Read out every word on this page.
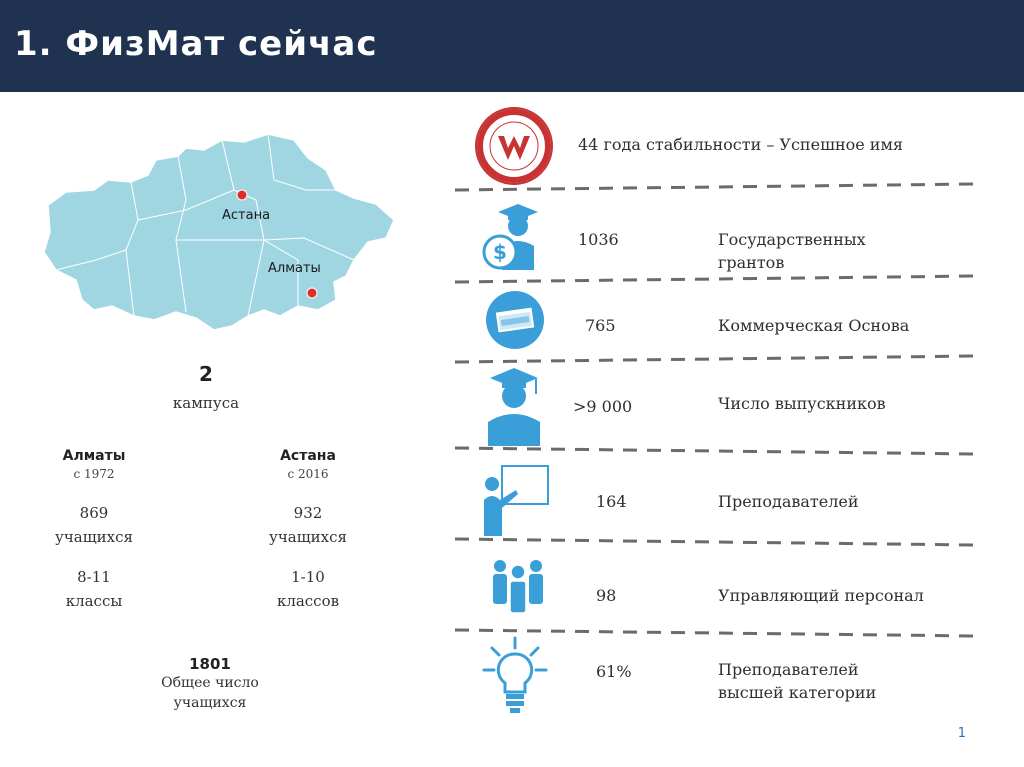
1. ФизМат сейчас
Астана
Алматы
2
кампуса
Алматы
с 1972
869
учащихся
8-11
классы
Астана
с 2016
932
учащихся
1-10
классов
1801
Общее число
учащихся
44 года стабильности – Успешное имя
$
1036	Государственных грантов
765	Коммерческая Основа
>9 000	Число выпускников
164	Преподавателей
98	Управляющий персонал
61%	Преподавателей высшей категории
1
